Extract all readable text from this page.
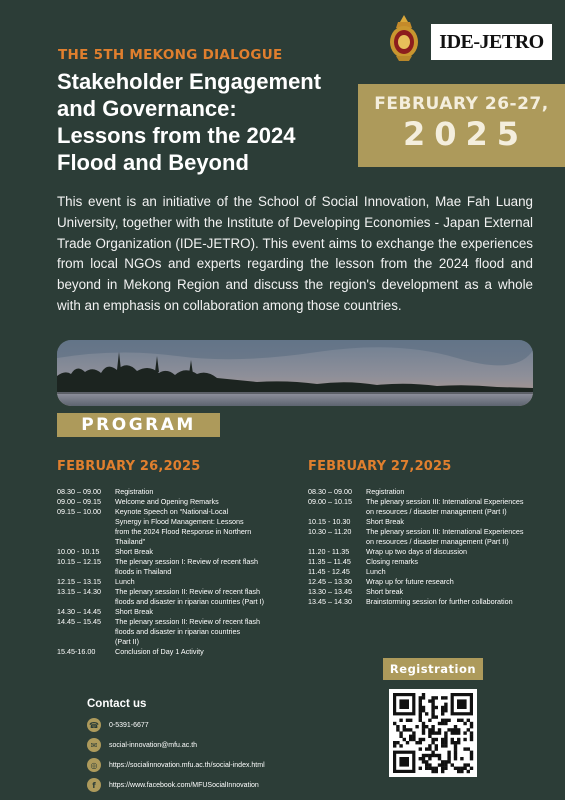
THE 5TH MEKONG DIALOGUE
Stakeholder Engagement
and Governance:
Lessons from the 2024
Flood and Beyond
IDE-JETRO
FEBRUARY 26-27,
2025
This event is an initiative of the School of Social Innovation, Mae Fah Luang University, together with the Institute of Developing Economies - Japan External Trade Organization (IDE-JETRO). This event aims to exchange the experiences from local NGOs and experts regarding the lesson from the 2024 flood and beyond in Mekong Region and discuss the region's development as a whole with an emphasis on collaboration among those countries.
PROGRAM
FEBRUARY 26,2025
08.30 – 09.00	Registration
09.00 – 09.15	Welcome and Opening Remarks
09.15 – 10.00	Keynote Speech on “National-Local
Synergy in Flood Management: Lessons
from the 2024 Flood Response in Northern
Thailand”
10.00 - 10.15	Short Break
10.15 – 12.15	The plenary session I: Review of recent flash
floods in Thailand
12.15 – 13.15	Lunch
13.15 – 14.30	The plenary session II: Review of recent flash
floods and disaster in riparian countries (Part I)
14.30 – 14.45	Short Break
14.45 – 15.45	The plenary session II: Review of recent flash
floods and disaster in riparian countries
(Part II)
15.45-16.00	Conclusion of Day 1 Activity
FEBRUARY 27,2025
08.30 – 09.00	Registration
09.00 – 10.15	The plenary session III: International Experiences
on resources / disaster management (Part I)
10.15 - 10.30	Short Break
10.30 – 11.20	The plenary session III: International Experiences
on resources / disaster management (Part II)
11.20 - 11.35	Wrap up two days of discussion
11.35 – 11.45	Closing remarks
11.45 - 12.45	Lunch
12.45 – 13.30	Wrap up for future research
13.30 – 13.45	Short break
13.45 – 14.30	Brainstorming session for further collaboration
Contact us
☎ 0-5391-6677
✉	social-innovation@mfu.ac.th
◎	https://socialinnovation.mfu.ac.th/social-index.html
f	https://www.facebook.com/MFUSocialInnovation
Registration
